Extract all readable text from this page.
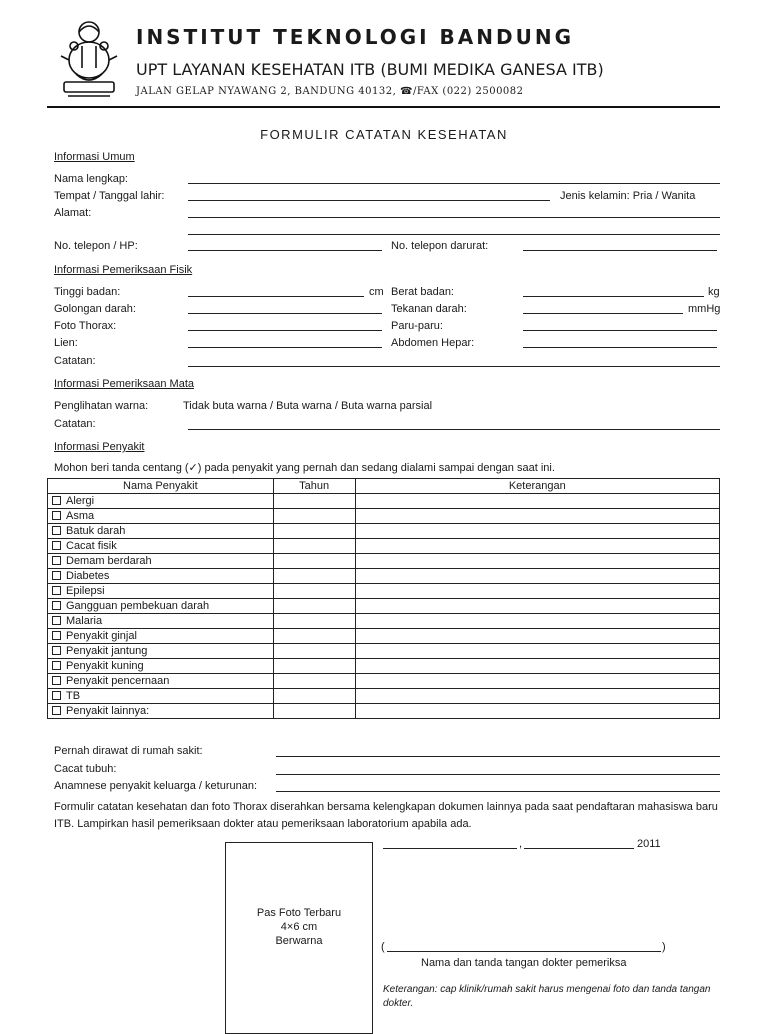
INSTITUT TEKNOLOGI BANDUNG
UPT LAYANAN KESEHATAN ITB (BUMI MEDIKA GANESA ITB)
JALAN GELAP NYAWANG 2, BANDUNG 40132, ☎/FAX (022) 2500082
FORMULIR CATATAN KESEHATAN
Informasi Umum
Nama lengkap:
Tempat / Tanggal lahir:	Jenis kelamin: Pria / Wanita
Alamat:
No. telepon / HP:	No. telepon darurat:
Informasi Pemeriksaan Fisik
Tinggi badan:	cm Berat badan:	kg
Golongan darah:	Tekanan darah:	mmHg
Foto Thorax:	Paru-paru:
Lien:	Abdomen Hepar:
Catatan:
Informasi Pemeriksaan Mata
Penglihatan warna:	Tidak buta warna / Buta warna / Buta warna parsial
Catatan:
Informasi Penyakit
Mohon beri tanda centang (✓) pada penyakit yang pernah dan sedang dialami sampai dengan saat ini.
Nama Penyakit	Tahun	Keterangan
Alergi		
Asma		
Batuk darah		
Cacat fisik		
Demam berdarah		
Diabetes		
Epilepsi		
Gangguan pembekuan darah		
Malaria		
Penyakit ginjal		
Penyakit jantung		
Penyakit kuning		
Penyakit pencernaan		
TB		
Penyakit lainnya:		
Pernah dirawat di rumah sakit:
Cacat tubuh:
Anamnese penyakit keluarga / keturunan:
Formulir catatan kesehatan dan foto Thorax diserahkan bersama kelengkapan dokumen lainnya pada saat pendaftaran mahasiswa baru
ITB. Lampirkan hasil pemeriksaan dokter atau pemeriksaan laboratorium apabila ada.
Pas Foto Terbaru
4×6 cm
Berwarna
,	2011
(	)
Nama dan tanda tangan dokter pemeriksa
Keterangan: cap klinik/rumah sakit harus mengenai foto dan tanda tangan
dokter.
